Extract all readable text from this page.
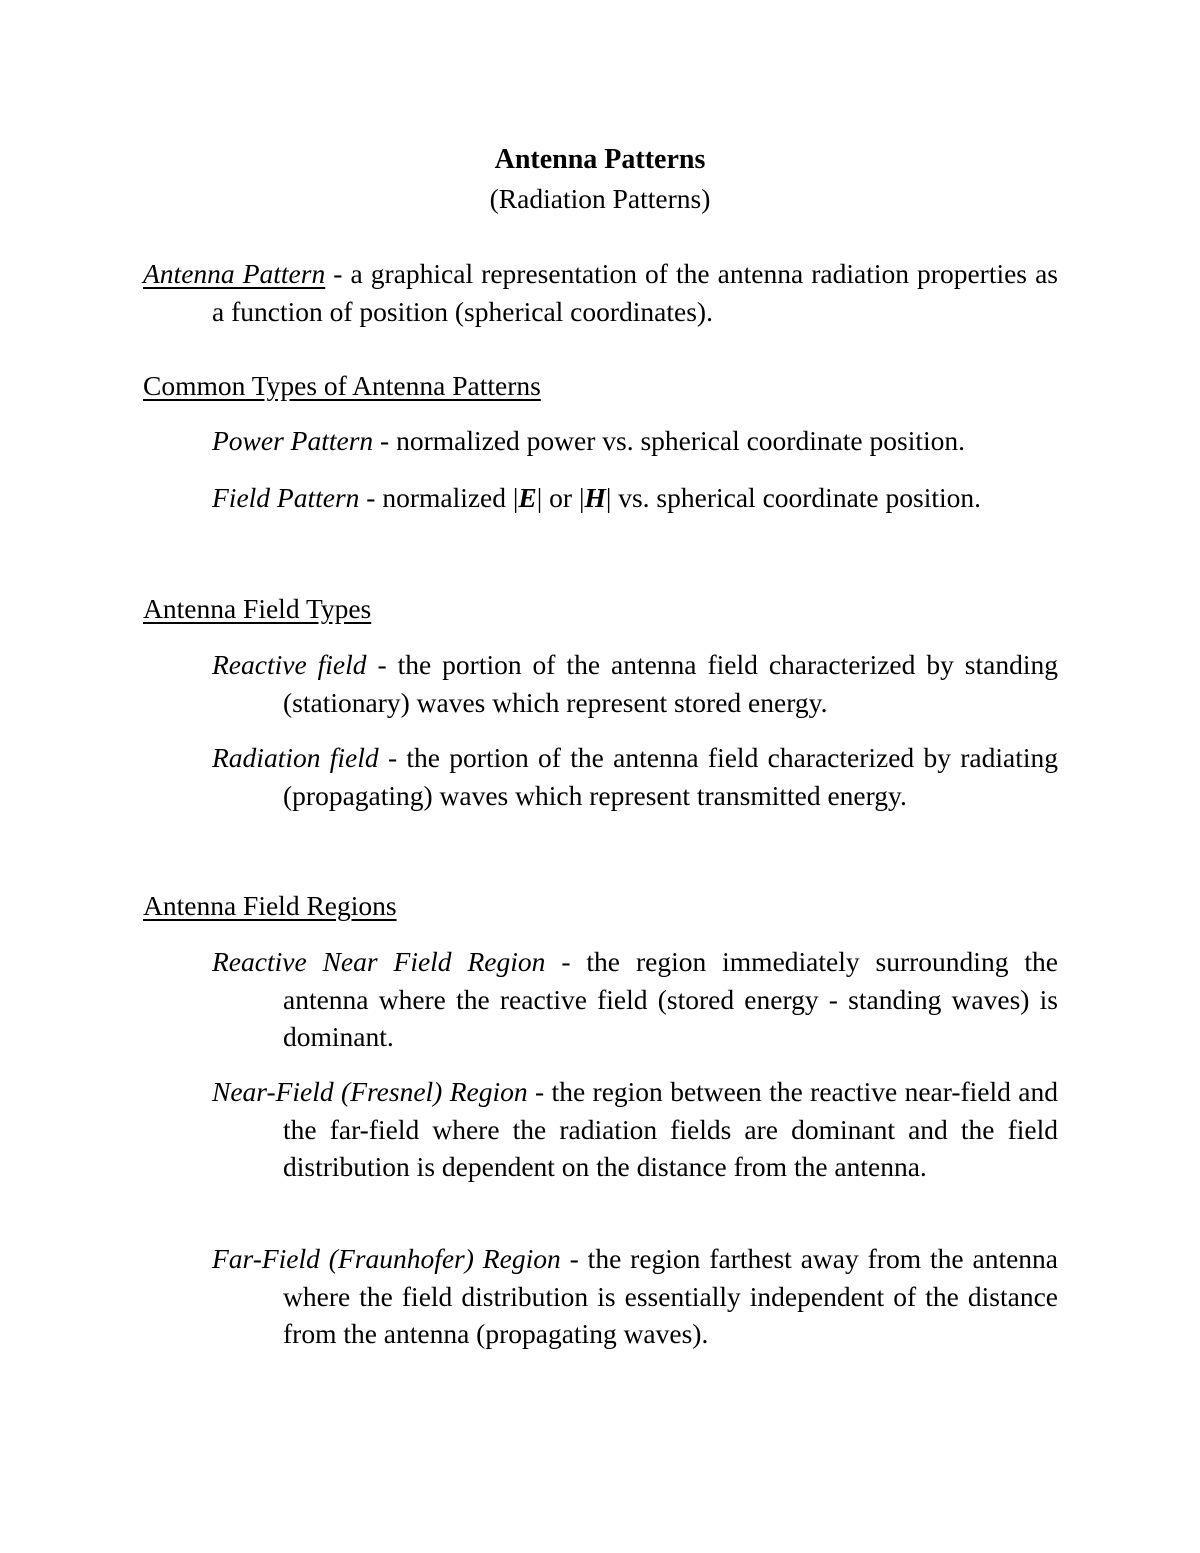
Antenna Patterns
(Radiation Patterns)
Antenna Pattern - a graphical representation of the antenna radiation properties as a function of position (spherical coordinates).
Common Types of Antenna Patterns
Power Pattern - normalized power vs. spherical coordinate position.
Field Pattern - normalized |E| or |H| vs. spherical coordinate position.
Antenna Field Types
Reactive field - the portion of the antenna field characterized by standing (stationary) waves which represent stored energy.
Radiation field - the portion of the antenna field characterized by radiating (propagating) waves which represent transmitted energy.
Antenna Field Regions
Reactive Near Field Region - the region immediately surrounding the antenna where the reactive field (stored energy - standing waves) is dominant.
Near-Field (Fresnel) Region - the region between the reactive near-field and the far-field where the radiation fields are dominant and the field distribution is dependent on the distance from the antenna.
Far-Field (Fraunhofer) Region - the region farthest away from the antenna where the field distribution is essentially independent of the distance from the antenna (propagating waves).
